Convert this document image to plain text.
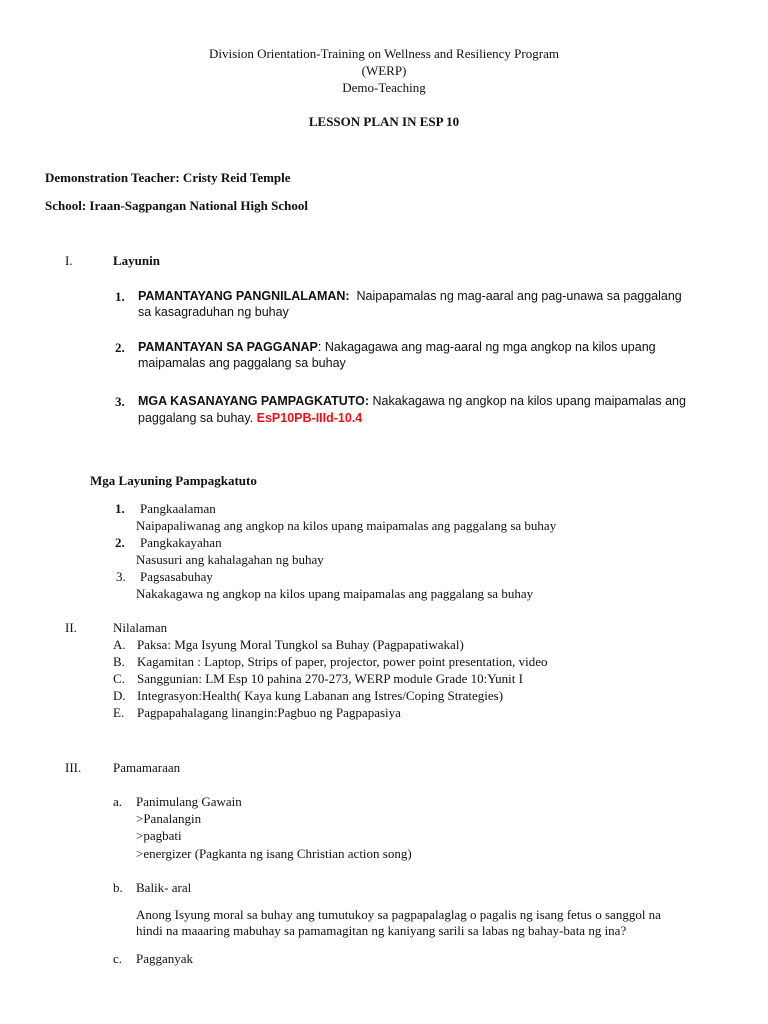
Division Orientation-Training on Wellness and Resiliency Program
(WERP)
Demo-Teaching
LESSON PLAN IN ESP 10
Demonstration Teacher: Cristy Reid Temple
School: Iraan-Sagpangan National High School
I.	Layunin
1. PAMANTAYANG PANGNILALAMAN: Naipapamalas ng mag-aaral ang pag-unawa sa paggalang
sa kasagraduhan ng buhay
2. PAMANTAYAN SA PAGGANAP: Nakagagawa ang mag-aaral ng mga angkop na kilos upang
maipamalas ang paggalang sa buhay
3. MGA KASANAYANG PAMPAGKATUTO: Nakakagawa ng angkop na kilos upang maipamalas ang
paggalang sa buhay. EsP10PB-IIId-10.4
Mga Layuning Pampagkatuto
1. Pangkaalaman
Naipapaliwanag ang angkop na kilos upang maipamalas ang paggalang sa buhay
2. Pangkakayahan
Nasusuri ang kahalagahan ng buhay
3. Pagsasabuhay
Nakakagawa ng angkop na kilos upang maipamalas ang paggalang sa buhay
II.	Nilalaman
A. Paksa: Mga Isyung Moral Tungkol sa Buhay (Pagpapatiwakal)
B. Kagamitan : Laptop, Strips of paper, projector, power point presentation, video
C. Sanggunian: LM Esp 10 pahina 270-273, WERP module Grade 10:Yunit I
D. Integrasyon:Health( Kaya kung Labanan ang Istres/Coping Strategies)
E. Pagpapahalagang linangin:Pagbuo ng Pagpapasiya
III. Pamamaraan
a. Panimulang Gawain
>Panalangin
>pagbati
>energizer (Pagkanta ng isang Christian action song)
b. Balik- aral
Anong Isyung moral sa buhay ang tumutukoy sa pagpapalaglag o pagalis ng isang fetus o sanggol na
hindi na maaaring mabuhay sa pamamagitan ng kaniyang sarili sa labas ng bahay-bata ng ina?
c. Pagganyak
